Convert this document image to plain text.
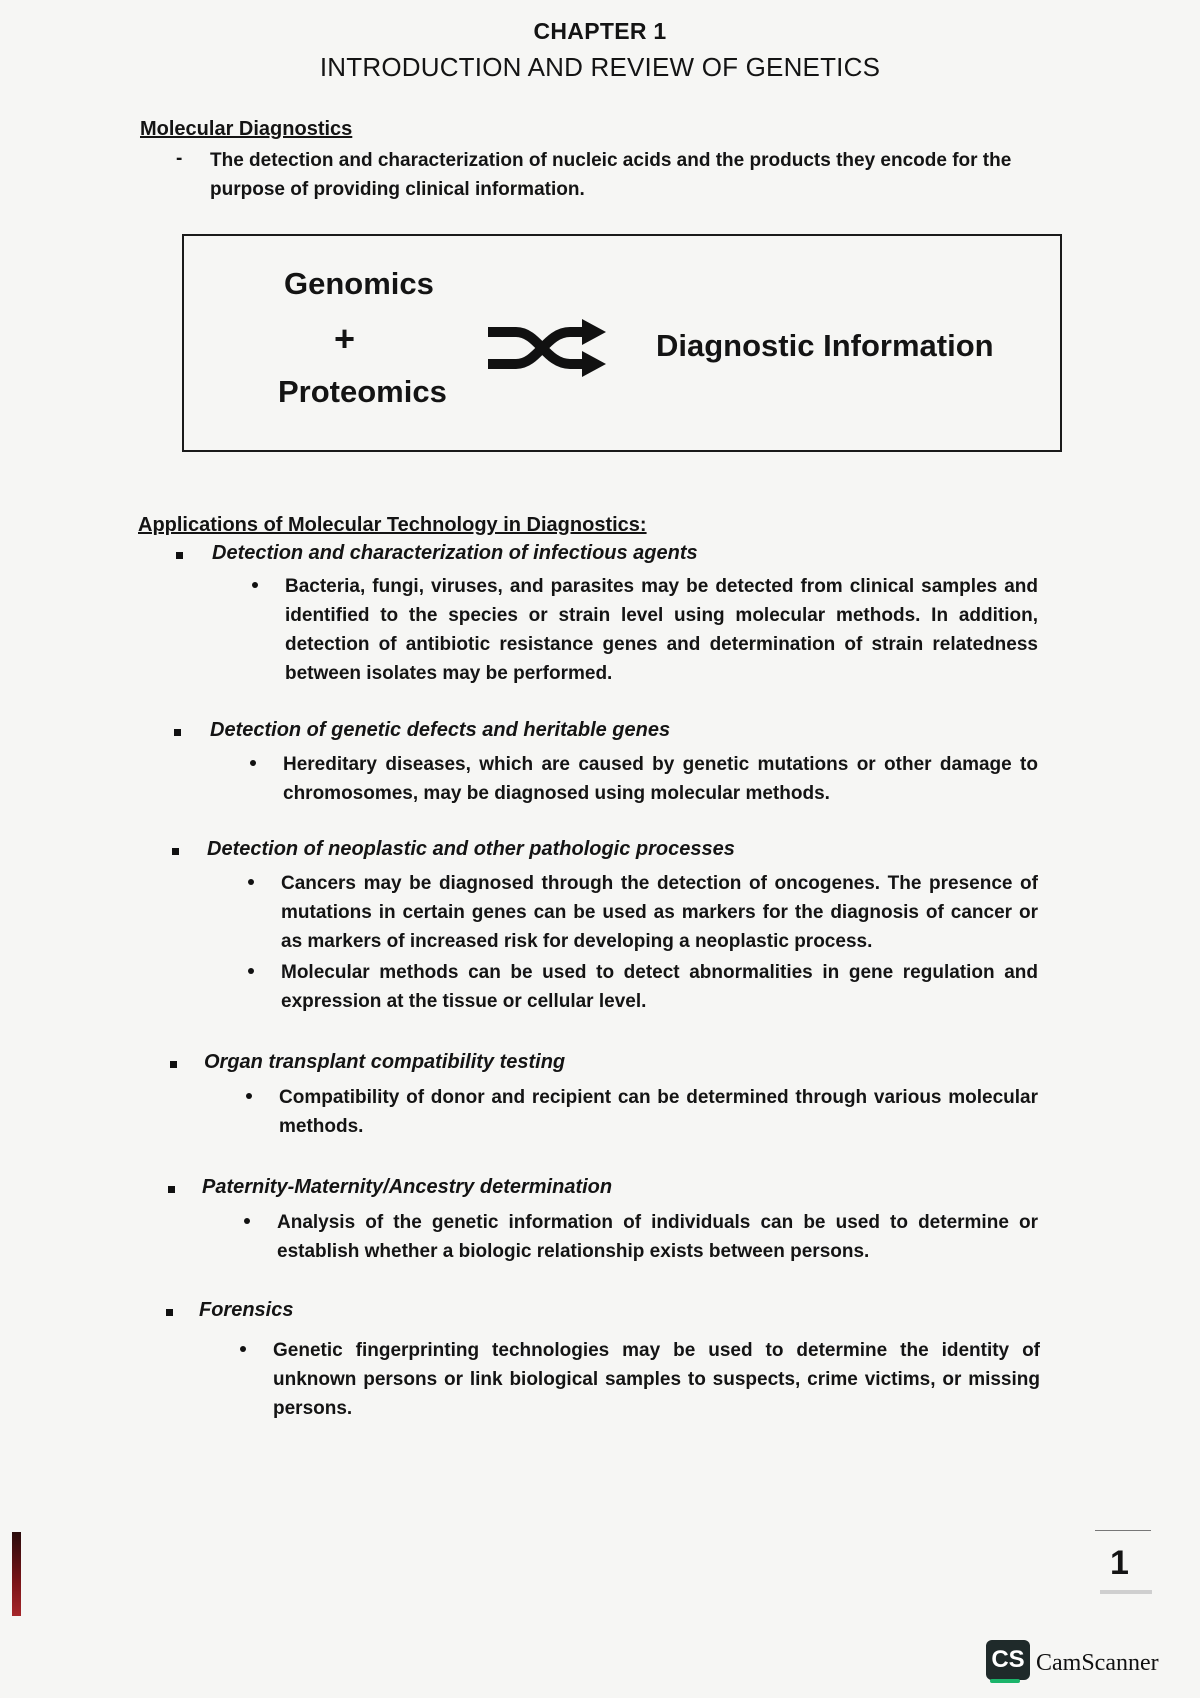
CHAPTER 1
INTRODUCTION AND REVIEW OF GENETICS
Molecular Diagnostics
- The detection and characterization of nucleic acids and the products they encode for the purpose of providing clinical information.
Genomics
+
Proteomics
Diagnostic Information
Applications of Molecular Technology in Diagnostics:
Detection and characterization of infectious agents
Bacteria, fungi, viruses, and parasites may be detected from clinical samples and identified to the species or strain level using molecular methods. In addition, detection of antibiotic resistance genes and determination of strain relatedness between isolates may be performed.
Detection of genetic defects and heritable genes
Hereditary diseases, which are caused by genetic mutations or other damage to chromosomes, may be diagnosed using molecular methods.
Detection of neoplastic and other pathologic processes
Cancers may be diagnosed through the detection of oncogenes. The presence of mutations in certain genes can be used as markers for the diagnosis of cancer or as markers of increased risk for developing a neoplastic process.
Molecular methods can be used to detect abnormalities in gene regulation and expression at the tissue or cellular level.
Organ transplant compatibility testing
Compatibility of donor and recipient can be determined through various molecular methods.
Paternity-Maternity/Ancestry determination
Analysis of the genetic information of individuals can be used to determine or establish whether a biologic relationship exists between persons.
Forensics
Genetic fingerprinting technologies may be used to determine the identity of unknown persons or link biological samples to suspects, crime victims, or missing persons.
1
CS CamScanner
